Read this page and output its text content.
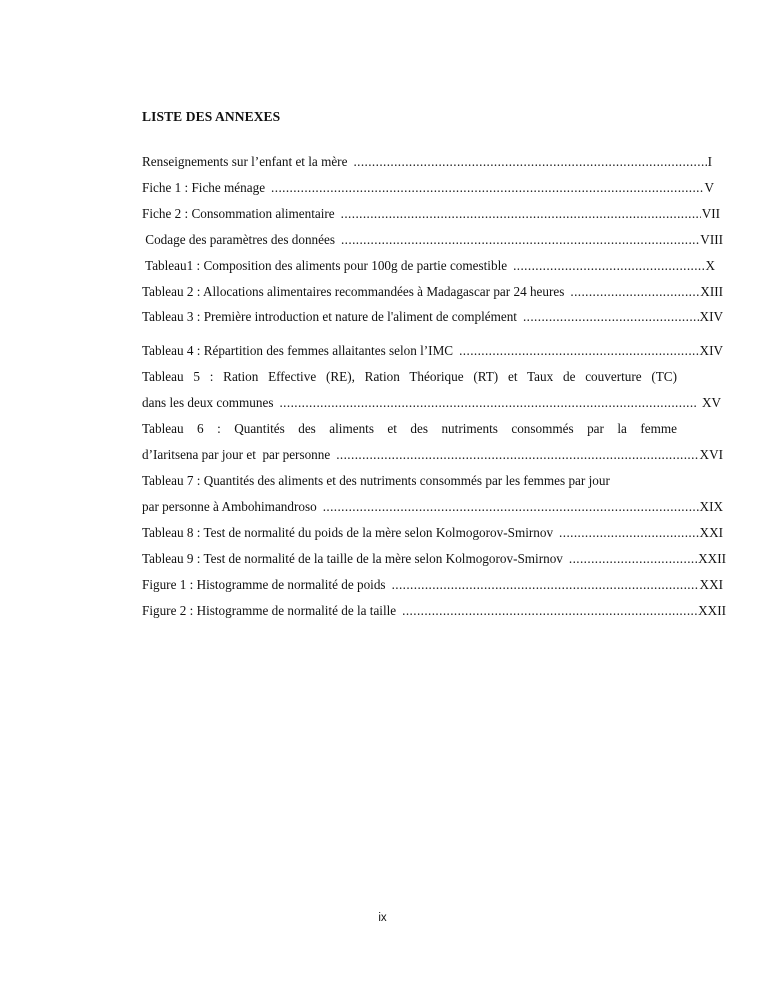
LISTE DES ANNEXES
Renseignements sur l’enfant et la mère .....	I
Fiche 1 : Fiche ménage .....	V
Fiche 2 : Consommation alimentaire .....	VII
Codage des paramètres des données .....	VIII
Tableau1 : Composition des aliments pour 100g de partie comestible .....	X
Tableau 2 : Allocations alimentaires recommandées à Madagascar par 24 heures .....	XIII
Tableau 3 : Première introduction et nature de l'aliment de complément .....	XIV
Tableau 4 : Répartition des femmes allaitantes selon l’IMC .....	XIV
Tableau 5 : Ration Effective (RE), Ration Théorique (RT) et Taux de couverture (TC)
dans les deux communes .....	XV
Tableau 6 : Quantités des aliments et des nutriments consommés par la femme
d’Iaritsena par jour et  par personne .....	XVI
Tableau 7 : Quantités des aliments et des nutriments consommés par les femmes par jour
par personne à Ambohimandroso .....	XIX
Tableau 8 : Test de normalité du poids de la mère selon Kolmogorov-Smirnov .....	XXI
Tableau 9 : Test de normalité de la taille de la mère selon Kolmogorov-Smirnov .....	XXII
Figure 1 : Histogramme de normalité de poids .....	XXI
Figure 2 : Histogramme de normalité de la taille .....	XXII
ix
